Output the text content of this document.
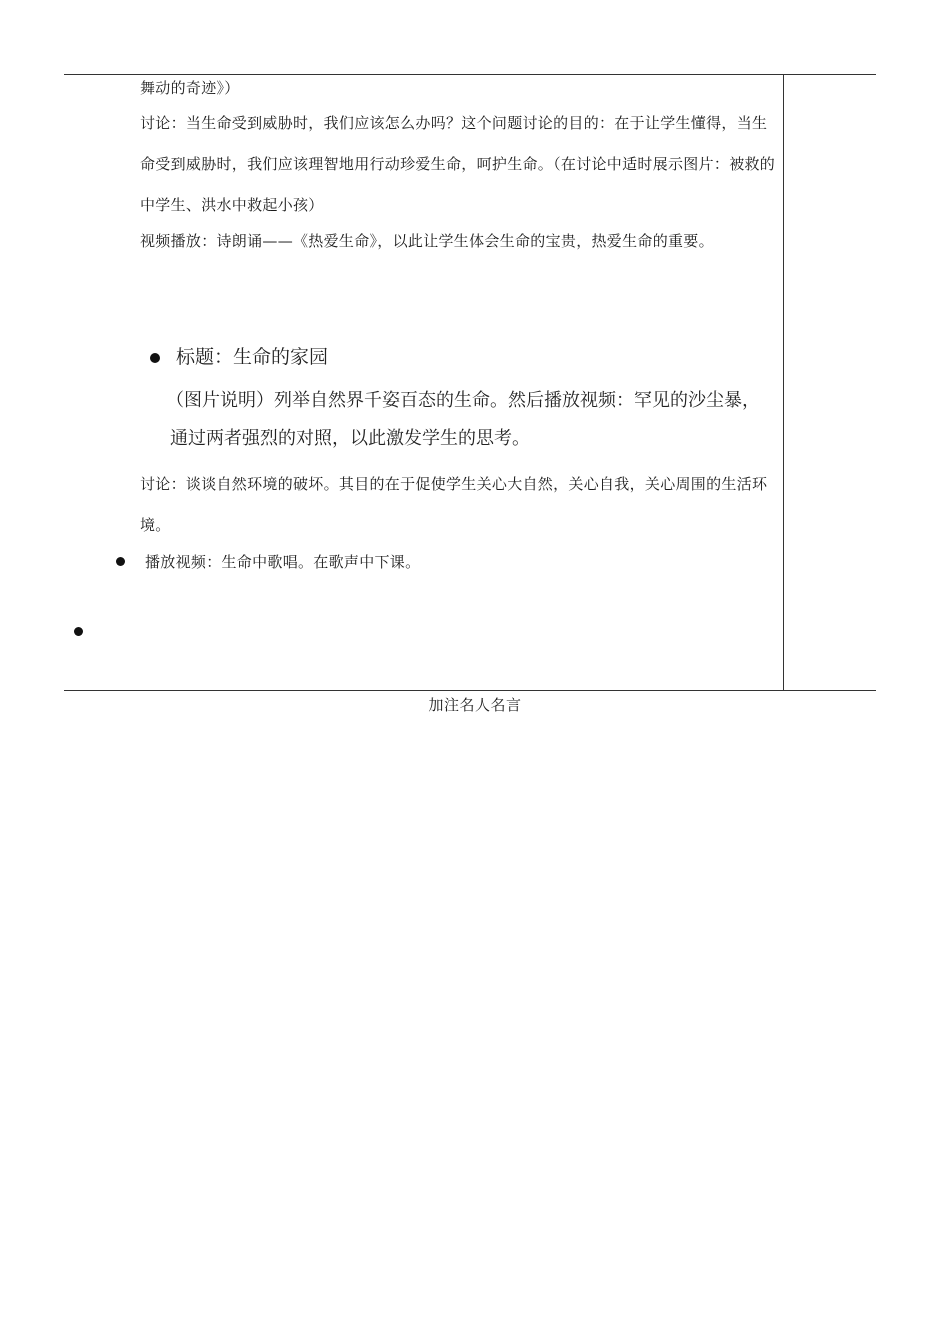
舞动的奇迹》）
讨论：当生命受到威胁时，我们应该怎么办吗？这个问题讨论的目的：在于让学生懂得，当生命受到威胁时，我们应该理智地用行动珍爱生命，呵护生命。（在讨论中适时展示图片：被救的中学生、洪水中救起小孩）
视频播放：诗朗诵——《热爱生命》，以此让学生体会生命的宝贵，热爱生命的重要。
标题：生命的家园
（图片说明）列举自然界千姿百态的生命。然后播放视频：罕见的沙尘暴，通过两者强烈的对照，以此激发学生的思考。
讨论：谈谈自然环境的破坏。其目的在于促使学生关心大自然，关心自我，关心周围的生活环境。
播放视频：生命中歌唱。在歌声中下课。
加注名人名言
